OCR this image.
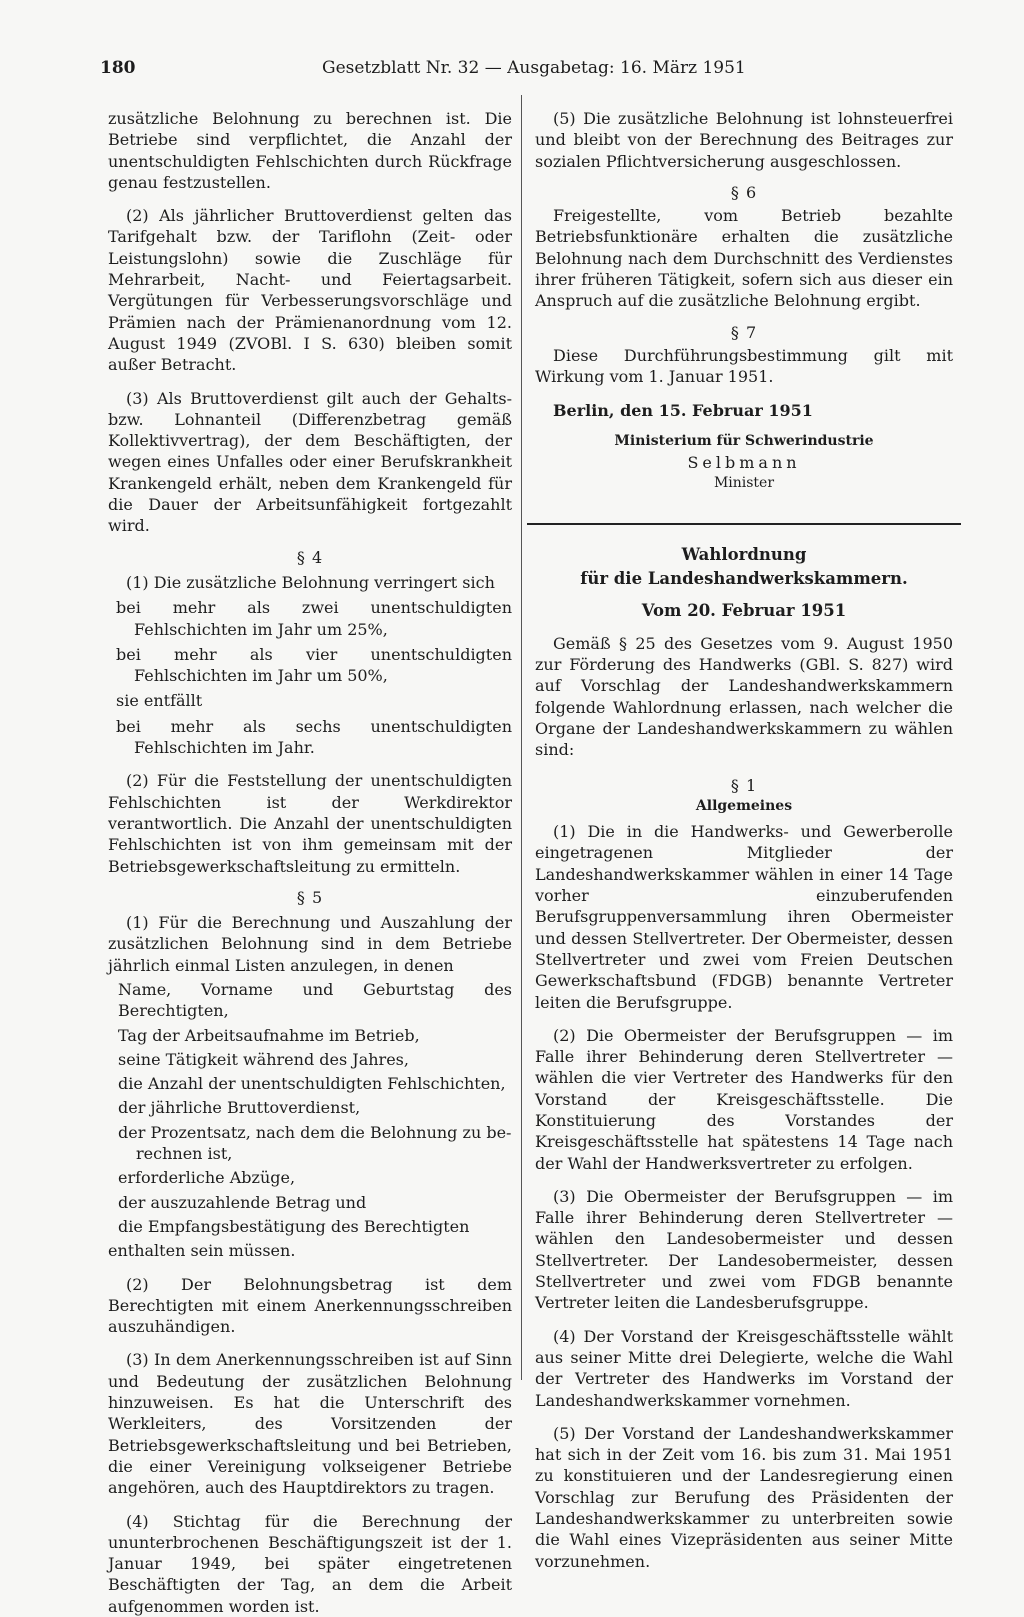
180	Gesetzblatt Nr. 32 — Ausgabetag: 16. März 1951

zusätzliche Belohnung zu berechnen ist. Die Betriebe sind verpflichtet, die Anzahl der unentschuldigten Fehlschichten durch Rückfrage genau festzustellen.

(2) Als jährlicher Bruttoverdienst gelten das Tarifgehalt bzw. der Tariflohn (Zeit- oder Leistungslohn) sowie die Zuschläge für Mehrarbeit, Nacht- und Feiertagsarbeit. Vergütungen für Verbesserungsvorschläge und Prämien nach der Prämienanordnung vom 12. August 1949 (ZVOBl. I S. 630) bleiben somit außer Betracht.

(3) Als Bruttoverdienst gilt auch der Gehalts- bzw. Lohnanteil (Differenzbetrag gemäß Kollektivvertrag), der dem Beschäftigten, der wegen eines Unfalles oder einer Berufskrankheit Krankengeld erhält, neben dem Krankengeld für die Dauer der Arbeitsunfähigkeit fortgezahlt wird.

§ 4

(1) Die zusätzliche Belohnung verringert sich

bei mehr als zwei unentschuldigten Fehlschichten im Jahr um 25%,

bei mehr als vier unentschuldigten Fehlschichten im Jahr um 50%,

sie entfällt

bei mehr als sechs unentschuldigten Fehlschichten im Jahr.

(2) Für die Feststellung der unentschuldigten Fehlschichten ist der Werkdirektor verantwortlich. Die Anzahl der unentschuldigten Fehlschichten ist von ihm gemeinsam mit der Betriebsgewerkschaftsleitung zu ermitteln.

§ 5

(1) Für die Berechnung und Auszahlung der zusätzlichen Belohnung sind in dem Betriebe jährlich einmal Listen anzulegen, in denen

Name, Vorname und Geburtstag des Berechtigten,

Tag der Arbeitsaufnahme im Betrieb,

seine Tätigkeit während des Jahres,

die Anzahl der unentschuldigten Fehlschichten,

der jährliche Bruttoverdienst,

der Prozentsatz, nach dem die Belohnung zu be-

rechnen ist,

erforderliche Abzüge,

der auszuzahlende Betrag und

die Empfangsbestätigung des Berechtigten

enthalten sein müssen.

(2) Der Belohnungsbetrag ist dem Berechtigten mit einem Anerkennungsschreiben auszuhändigen.

(3) In dem Anerkennungsschreiben ist auf Sinn und Bedeutung der zusätzlichen Belohnung hinzuweisen. Es hat die Unterschrift des Werkleiters, des Vorsitzenden der Betriebsgewerkschaftsleitung und bei Betrieben, die einer Vereinigung volkseigener Betriebe angehören, auch des Hauptdirektors zu tragen.

(4) Stichtag für die Berechnung der ununterbrochenen Beschäftigungszeit ist der 1. Januar 1949, bei später eingetretenen Beschäftigten der Tag, an dem die Arbeit aufgenommen worden ist.

(5) Die zusätzliche Belohnung ist lohnsteuerfrei und bleibt von der Berechnung des Beitrages zur sozialen Pflichtversicherung ausgeschlossen.

§ 6

Freigestellte, vom Betrieb bezahlte Betriebsfunktionäre erhalten die zusätzliche Belohnung nach dem Durchschnitt des Verdienstes ihrer früheren Tätigkeit, sofern sich aus dieser ein Anspruch auf die zusätzliche Belohnung ergibt.

§ 7

Diese Durchführungsbestimmung gilt mit Wirkung vom 1. Januar 1951.

Berlin, den 15. Februar 1951

Ministerium für Schwerindustrie

Selbmann

Minister

Wahlordnung

für die Landeshandwerkskammern.

Vom 20. Februar 1951

Gemäß § 25 des Gesetzes vom 9. August 1950 zur Förderung des Handwerks (GBl. S. 827) wird auf Vorschlag der Landeshandwerkskammern folgende Wahlordnung erlassen, nach welcher die Organe der Landeshandwerkskammern zu wählen sind:

§ 1

Allgemeines

(1) Die in die Handwerks- und Gewerberolle eingetragenen Mitglieder der Landeshandwerkskammer wählen in einer 14 Tage vorher einzuberufenden Berufsgruppenversammlung ihren Obermeister und dessen Stellvertreter. Der Obermeister, dessen Stellvertreter und zwei vom Freien Deutschen Gewerkschaftsbund (FDGB) benannte Vertreter leiten die Berufsgruppe.

(2) Die Obermeister der Berufsgruppen — im Falle ihrer Behinderung deren Stellvertreter — wählen die vier Vertreter des Handwerks für den Vorstand der Kreisgeschäftsstelle. Die Konstituierung des Vorstandes der Kreisgeschäftsstelle hat spätestens 14 Tage nach der Wahl der Handwerksvertreter zu erfolgen.

(3) Die Obermeister der Berufsgruppen — im Falle ihrer Behinderung deren Stellvertreter — wählen den Landesobermeister und dessen Stellvertreter. Der Landesobermeister, dessen Stellvertreter und zwei vom FDGB benannte Vertreter leiten die Landesberufsgruppe.

(4) Der Vorstand der Kreisgeschäftsstelle wählt aus seiner Mitte drei Delegierte, welche die Wahl der Vertreter des Handwerks im Vorstand der Landeshandwerkskammer vornehmen.

(5) Der Vorstand der Landeshandwerkskammer hat sich in der Zeit vom 16. bis zum 31. Mai 1951 zu konstituieren und der Landesregierung einen Vorschlag zur Berufung des Präsidenten der Landeshandwerkskammer zu unterbreiten sowie die Wahl eines Vizepräsidenten aus seiner Mitte vorzunehmen.
